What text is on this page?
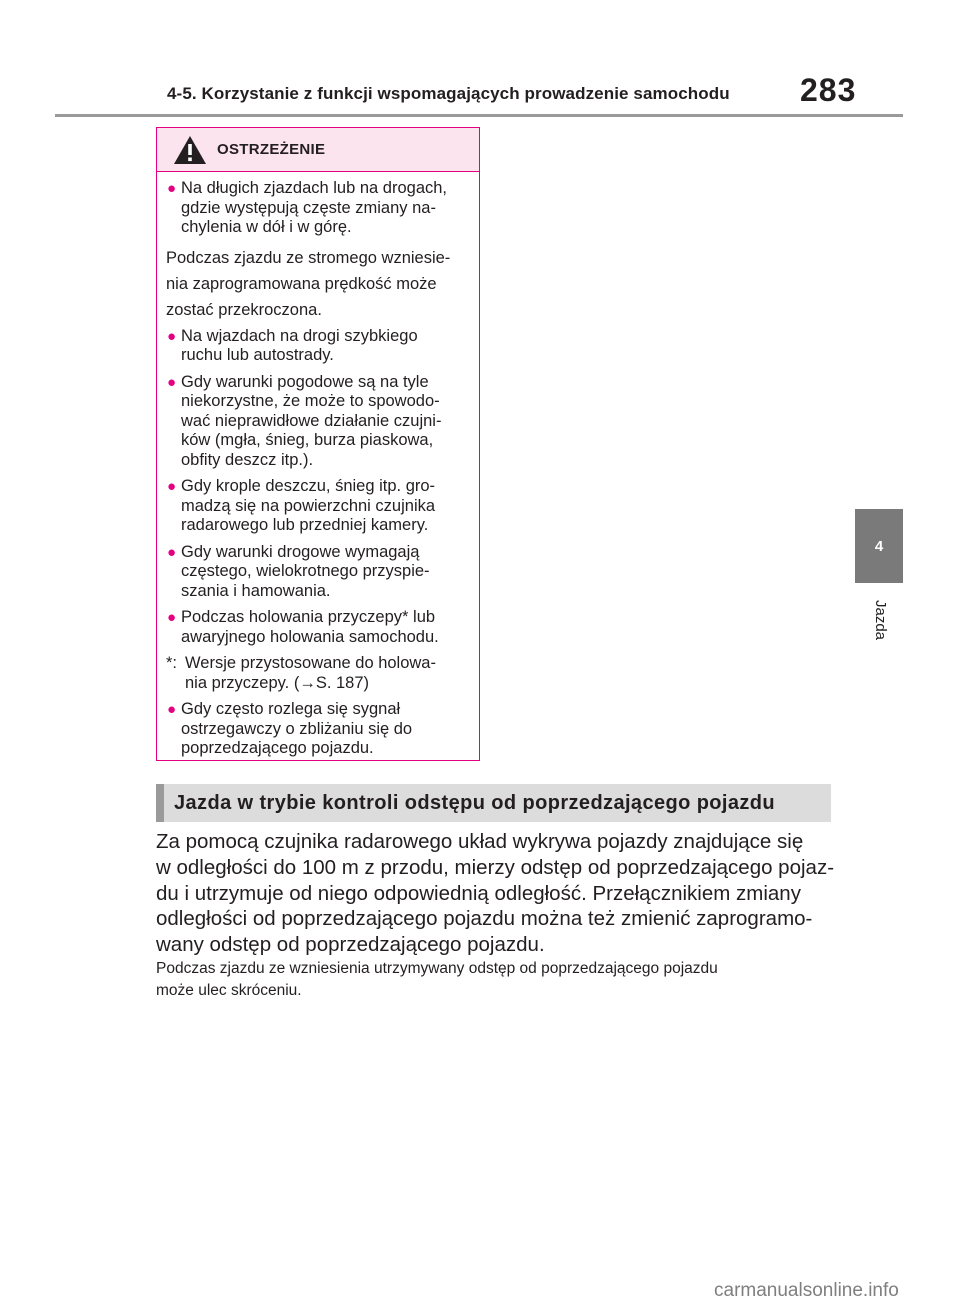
4-5. Korzystanie z funkcji wspomagających prowadzenie samochodu 283
4
Jazda
OSTRZEŻENIE
● Na długich zjazdach lub na drogach,
gdzie występują częste zmiany na-
chylenia w dół i w górę.
Podczas zjazdu ze stromego wzniesie-
nia zaprogramowana prędkość może
zostać przekroczona.
● Na wjazdach na drogi szybkiego
ruchu lub autostrady.
● Gdy warunki pogodowe są na tyle
niekorzystne, że może to spowodo-
wać nieprawidłowe działanie czujni-
ków (mgła, śnieg, burza piaskowa,
obfity deszcz itp.).
● Gdy krople deszczu, śnieg itp. gro-
madzą się na powierzchni czujnika
radarowego lub przedniej kamery.
● Gdy warunki drogowe wymagają
częstego, wielokrotnego przyspie-
szania i hamowania.
● Podczas holowania przyczepy* lub
awaryjnego holowania samochodu.
*: Wersje przystosowane do holowa-
nia przyczepy. (→S. 187)
● Gdy często rozlega się sygnał
ostrzegawczy o zbliżaniu się do
poprzedzającego pojazdu.
Jazda w trybie kontroli odstępu od poprzedzającego pojazdu
Za pomocą czujnika radarowego układ wykrywa pojazdy znajdujące się
w odległości do 100 m z przodu, mierzy odstęp od poprzedzającego pojaz-
du i utrzymuje od niego odpowiednią odległość. Przełącznikiem zmiany
odległości od poprzedzającego pojazdu można też zmienić zaprogramo-
wany odstęp od poprzedzającego pojazdu.
Podczas zjazdu ze wzniesienia utrzymywany odstęp od poprzedzającego pojazdu
może ulec skróceniu.
carmanualsonline.info
